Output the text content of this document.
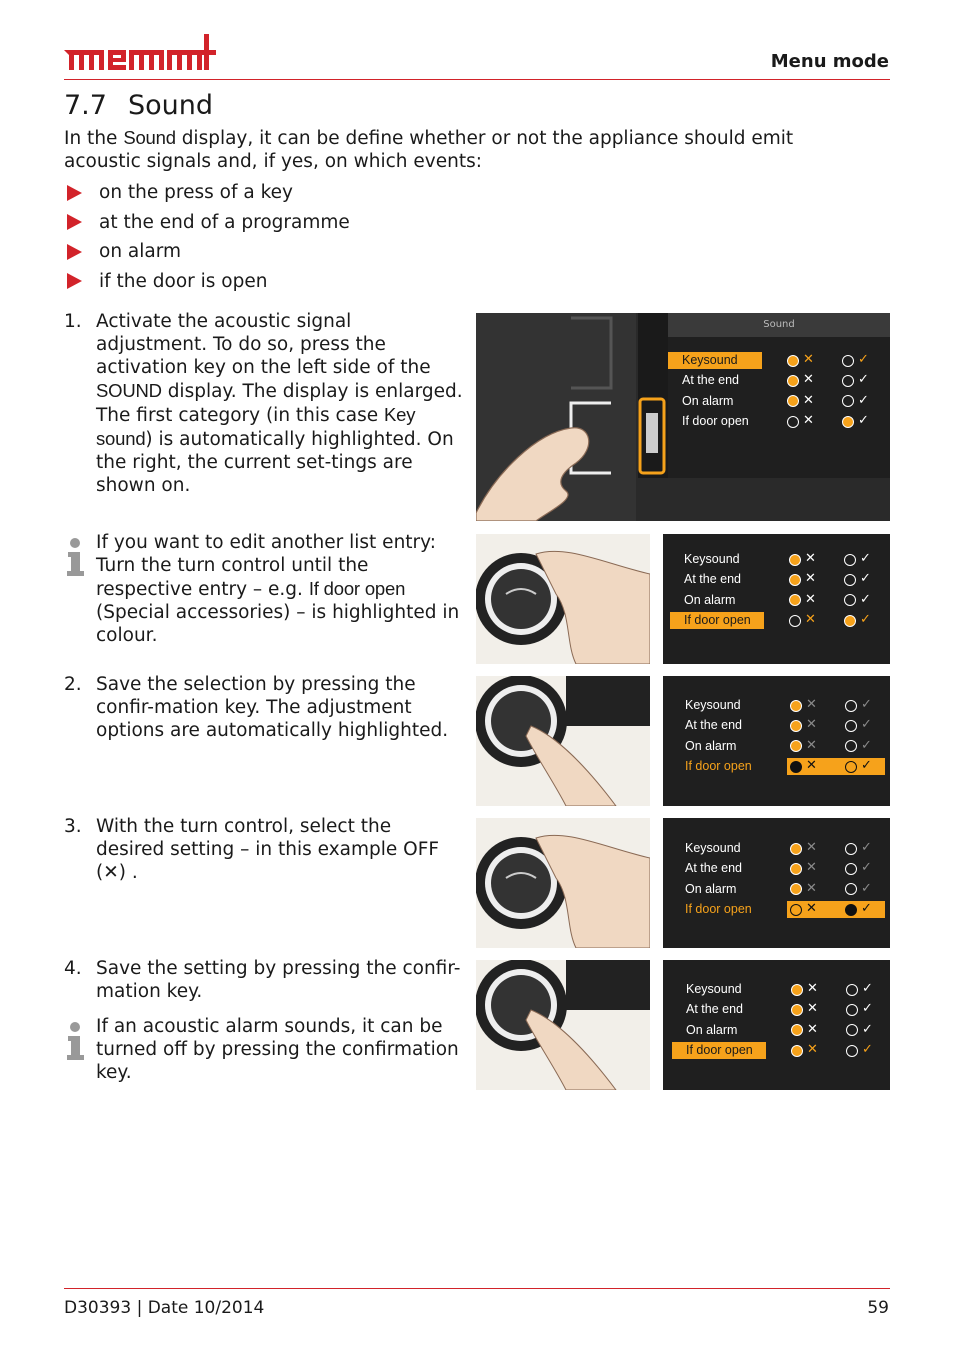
Menu mode
7.7 Sound
In the Sound display, it can be define whether or not the appliance should emit acoustic signals and, if yes, on which events:
on the press of a key
at the end of a programme
on alarm
if the door is open
1. Activate the acoustic signal adjustment. To do so, press the activation key on the left side of the SOUND display. The display is enlarged. The first category (in this case Key sound) is automatically highlighted. On the right, the current set-tings are shown on.
If you want to edit another list entry: Turn the turn control until the respective entry – e.g. If door open (Special accessories) – is highlighted in colour.
2. Save the selection by pressing the confir-mation key. The adjustment options are automatically highlighted.
3. With the turn control, select the desired setting – in this example OFF (✕) .
4. Save the setting by pressing the confir-mation key.
If an acoustic alarm sounds, it can be turned off by pressing the confirmation key.
Sound
Keysound	✕	✓
At the end	✕	✓
On alarm	✕	✓
If door open	✕	✓
Keysound	✕	✓
At the end	✕	✓
On alarm	✕	✓
If door open	✕	✓
Keysound	✕	✓
At the end	✕	✓
On alarm	✕	✓
If door open	✕	✓
Keysound	✕	✓
At the end	✕	✓
On alarm	✕	✓
If door open	✕	✓
Keysound	✕	✓
At the end	✕	✓
On alarm	✕	✓
If door open	✕	✓
D30393 | Date 10/2014	59
